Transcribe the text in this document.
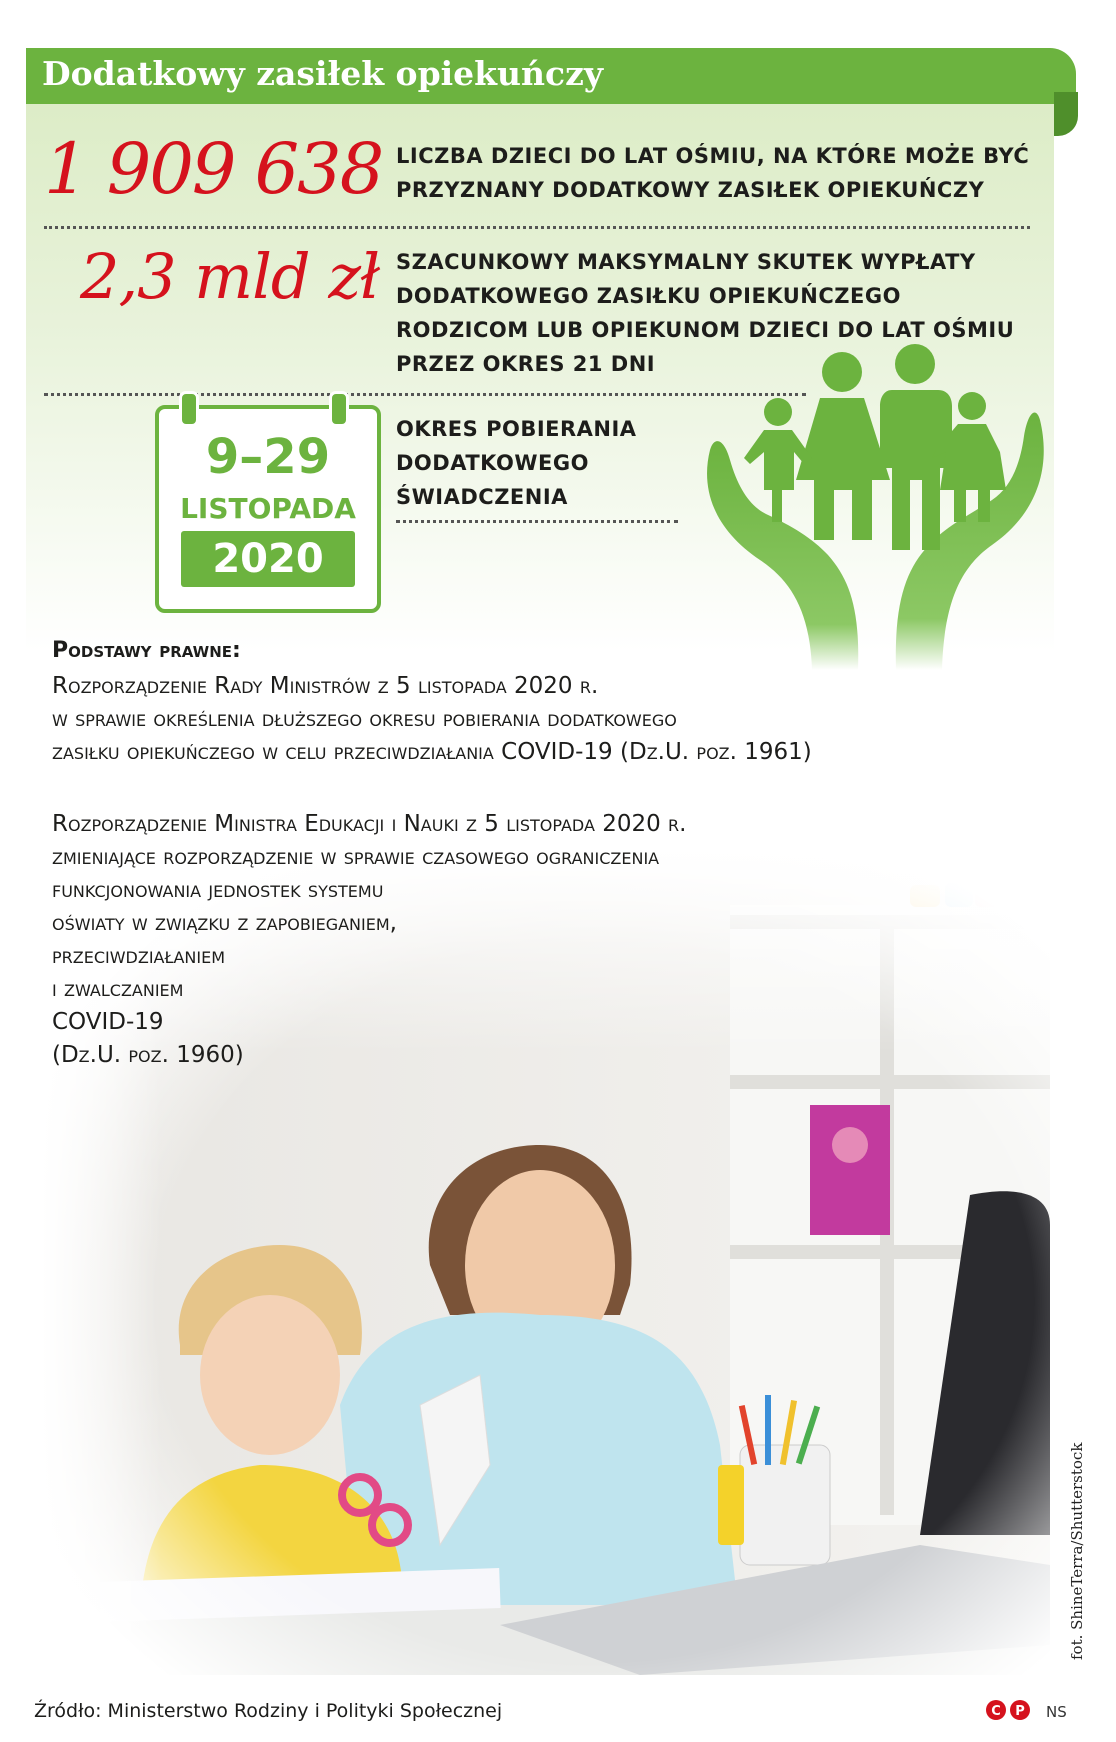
Dodatkowy zasiłek opiekuńczy
1 909 638 LICZBA DZIECI DO LAT OŚMIU, NA KTÓRE MOŻE BYĆ
PRZYZNANY DODATKOWY ZASIŁEK OPIEKUŃCZY
2,3 mld zł SZACUNKOWY MAKSYMALNY SKUTEK WYPŁATY
DODATKOWEGO ZASIŁKU OPIEKUŃCZEGO
RODZICOM LUB OPIEKUNOM DZIECI DO LAT OŚMIU
PRZEZ OKRES 21 DNI
9–29
LISTOPADA
2020
OKRES POBIERANIA
DODATKOWEGO
ŚWIADCZENIA
Podstawy prawne:
Rozporządzenie Rady Ministrów z 5 listopada 2020 r.
w sprawie określenia dłuższego okresu pobierania dodatkowego
zasiłku opiekuńczego w celu przeciwdziałania COVID-19 (Dz.U. poz. 1961)
Rozporządzenie Ministra Edukacji i Nauki z 5 listopada 2020 r.
zmieniające rozporządzenie w sprawie czasowego ograniczenia
funkcjonowania jednostek systemu
oświaty w związku z zapobieganiem,
przeciwdziałaniem
i zwalczaniem
COVID-19
(Dz.U. poz. 1960)
fot. ShineTerra/Shutterstock
Źródło: Ministerstwo Rodziny i Polityki Społecznej	C P NS
